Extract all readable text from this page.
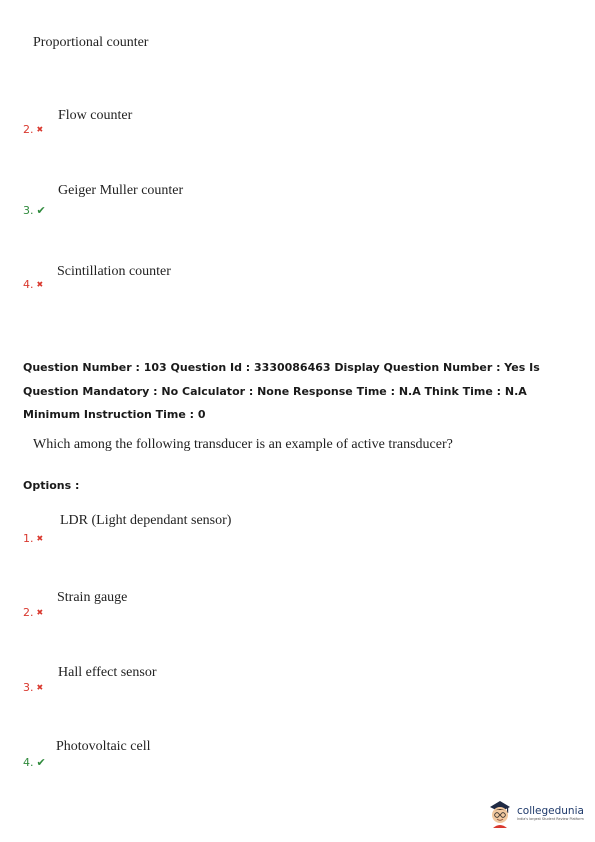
Proportional counter
Flow counter
2. ✖
Geiger Muller counter
3. ✔
Scintillation counter
4. ✖
Question Number : 103 Question Id : 3330086463 Display Question Number : Yes Is Question Mandatory : No Calculator : None Response Time : N.A Think Time : N.A Minimum Instruction Time : 0
Which among the following transducer is an example of active transducer?
Options :
LDR (Light dependant sensor)
1. ✖
Strain gauge
2. ✖
Hall effect sensor
3. ✖
Photovoltaic cell
4. ✔
collegedunia
India's largest Student Review Platform
